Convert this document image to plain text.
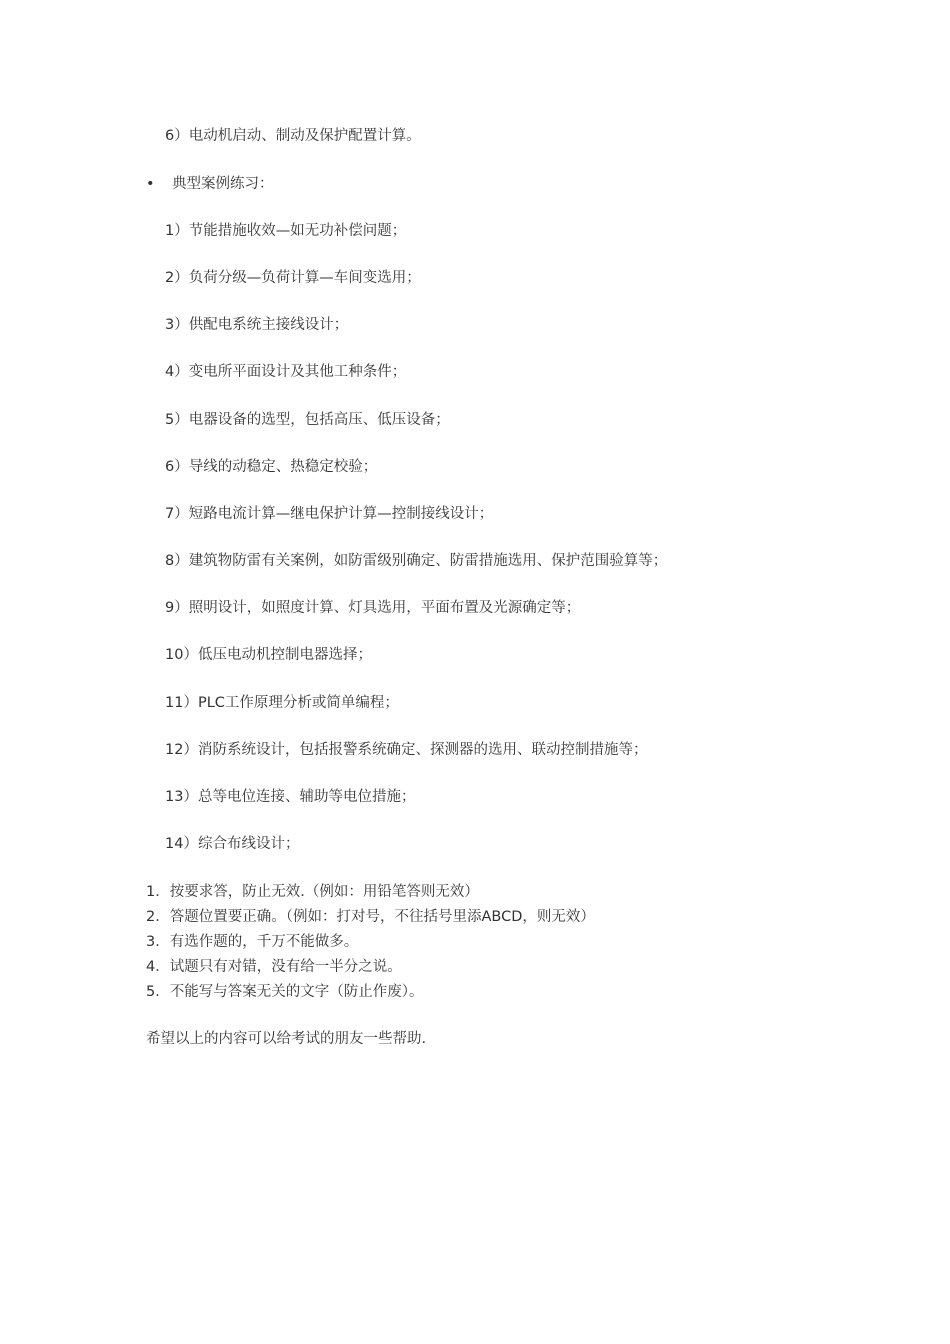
6）电动机启动、制动及保护配置计算。
• 典型案例练习：
1）节能措施收效—如无功补偿问题；
2）负荷分级—负荷计算—车间变选用；
3）供配电系统主接线设计；
4）变电所平面设计及其他工种条件；
5）电器设备的选型，包括高压、低压设备；
6）导线的动稳定、热稳定校验；
7）短路电流计算—继电保护计算—控制接线设计；
8）建筑物防雷有关案例，如防雷级别确定、防雷措施选用、保护范围验算等；
9）照明设计，如照度计算、灯具选用，平面布置及光源确定等；
10）低压电动机控制电器选择；
11）PLC工作原理分析或简单编程；
12）消防系统设计，包括报警系统确定、探测器的选用、联动控制措施等；
13）总等电位连接、辅助等电位措施；
14）综合布线设计；
1．按要求答，防止无效.（例如：用铅笔答则无效）
2．答题位置要正确。（例如：打对号，不往括号里添ABCD，则无效）
3．有选作题的，千万不能做多。
4．试题只有对错，没有给一半分之说。
5．不能写与答案无关的文字（防止作废）。
希望以上的内容可以给考试的朋友一些帮助.
